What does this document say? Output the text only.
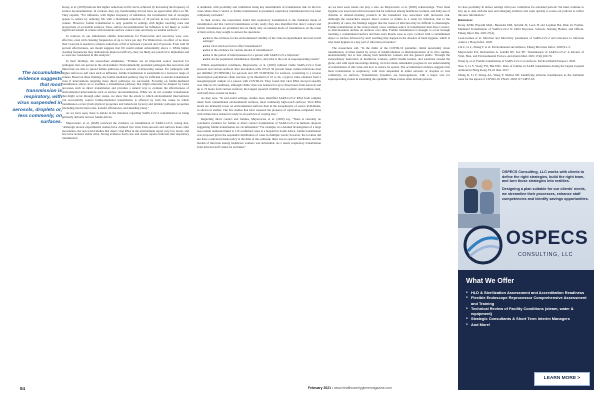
The accumulated evidence suggests that most transmission is respiratory, with virus suspended in aerosols, droplets or, less commonly, on surfaces.

Kraay, et al. (2018) indicate that higher reductions in fill can be achieved by increasing the frequency of surface decontamination. In contrast, they say, handwashing did not have an appreciable effect on fill. They explain, "For influenza, with higher frequency of inhalation, the incremental risk of strategies appear to reduce by reducing fill, with a maximum reduction of 19 percent in low surface-contact venues. However, fomite transmission is only possible in settings with higher touching rates and proportions of accessible surfaces. Thus, surface decontamination for influenza is not likely to confer significant benefit in venues with moderate surface contact rates and many accessible surfaces."

In contrast, in our simulations similar interventions for Enterovirus and norovirus were cost-effective, even with cleaning frequencies of up to twice per day. For Rhinovirus, an effect of no more than 5 percent is needed to achieve reductions of fill of between 2 percent and 25 percent. Even with 50 percent effectiveness, our model suggests that fill would remain substantially above 1. While higher cleaning frequencies may demonstrate improved efficacy, they are likely not practical to implement and so were not considered in this analysis."

In their findings, the researchers emphasize, "Fomites are an important source reservoir for pathogens that can persist in the environment. Environmentally persistent pathogens like norovirus and rhinovirus are able to spread fomite pathways in a network of interacting venues. For pathogens with higher surface-to-self rates such as influenza, fomite transmission is sustainable in a narrower range of venues. Based on these findings, the fomite-mediated pathway may be sufficient to sustain transmission even if interventions targeting more direct pathways are successful. Focusing on fomite-mediated transmission allows us to examine a transmission pathway that might otherwise be masked by faster processes such as direct transmission and provides a natural way to evaluate the effectiveness of environmental interventions such as surface decontamination. While we do not consider transmission that might occur through other routes, we show that the extent to which environmental interventions can successfully control fomite-mediated transmission is affected by both the venue in which transmission occurs (both physical properties and behavioral factors) and intrinsic pathogen properties (including inactivation rates, transfer efficiencies, and shedding rates)."

As we have seen, there is debate in the literature regarding SARS-CoV-2 contamination as being primarily airborne and not fomite-driven.

Meyerowitz, et al. (2020) reviewed the evidence on transmission of SARS-CoV-2, noting that, "Although several experimental studies have cultured live virus from aerosols and surfaces hours after inoculation, the real-world studies that detect viral RNA in the environment report very low levels, and few have isolated viable virus. Strong evidence from case and cluster reports indicates that respiratory transmission

is dominant, with proximity and ventilation being key determinants of transmission risk. In the few cases where direct contact or fomite transmission is presumed, respiratory transmission has not been completely excluded."

In their review, the researchers found that respiratory transmission is the dominant mode of transmission and that vertical transmission occurs rarely; they also identified that direct contact and fomite transmission are presumed but are likely only an unusual mode of transmission. At the onset of their review, they sought to answer the questions:

■ what is the evidence for the environmental viability of the virus in experimental and real-world settings?
■ what viral and host factors affect transmission?
■ what is the evidence for various modes of transmission?
■ what is the period of infectiousness for a person with SARS-CoV-2 infection?
■ what are the population transmission dynamics, and what is the role of superspreading events?

Within experimental conditions, Meyerowitz, et al. (2020) cultured viable SARS-CoV-2 from aerosols and various surfaces after inoculation with 105.25 50 percent tissue culture infectious dose per milliliter (TCID50/mL) for aerosols and 105 TCID50/mL for surfaces, correlating to a reverse transcription polymerase chain reaction cycle threshold of 22 to 24, a typical value obtained from a nasopharyngeal sample of a person with COVID-19. They found that viral RNA decayed steadily over time in all conditions, although viable virus was isolated for up to three hours from aerosols and up to 72 hours from various surfaces; the longest reported viability was on plastic and stainless steel, with half-lives around six hours.

As they note, "In real-world settings, studies have identified SARS-CoV-2 RNA from samples taken from contaminated environmental surfaces, most commonly high-touch surfaces. Viral RNA levels are markedly lower on environmental surfaces than in the nasopharynx of source individuals, as shown in studies. The few studies that have assessed the presence of replication-competent virus with culture have isolated it rarely in air particles of varying size."

Regarding direct contact and fomites, Meyerowitz, et al. (2020) say, "There is currently no conclusive evidence for fomite or direct contact transmission of SARS-CoV-2 in humans. Reports suggesting fomite transmission are circumstantial." For example, in a detailed investigation of a large nosocomial outbreak linked to 119 confirmed cases at a hospital in South Africa, fomite transmission was proposed given the sequential distribution of cases in multiple wards; however, the location did not have a universal mask policy at the time of the outbreak, there was no special ventilation, and the burden of infection among healthcare workers was substantial. As a result, respiratory transmission from infected staff cannot be excluded."

As we have seen, hands can play a role. As Meyerowitz, et al. (2020) acknowledge, "Poor hand hygiene was associated with increased risk for infection among healthcare workers, and daily use of chlorine or ethanol-cleaning products in the household was associated with decreased risk. Although the researchers suspect direct contact or fomite as a route for infection, due to the proximity of cases, the findings suggest that the routes of infection may be difficult to disentangle. Fomite transmission of the virus is likely a less common source of transmission than direct contact, as infectiousness decline on surfaces over time. Fomite transmission is thought to occur through touching a contaminated surface and then one's mouth, nose or eyes. Contact with a contaminated object or surface followed by such touching may happen in the absence of hand hygiene, which is why hand hygiene is a key part of infection prevention."

The researchers add, "In the midst of the COVID-19 pandemic, initial uncertainty about transmission, at times fueled by waves of misinformation or misinterpretation of in vitro studies, understandably led to fear among both healthcare workers and the general public. Through the extraordinary dedication of healthcare workers, public health leaders, and scientists around the globe, and with rapid knowledge sharing, we have made remarkable progress in our understanding of transmission of this virus and how to reduce its spread. The accumulated evidence suggests that most transmission is respiratory, with virus suspended in either aerosols or droplets or, less commonly, on surfaces. Transmission dynamics are heterogeneous, with a major role for superspreading events in sustaining the epidemic. These events often include persons

in close proximity in indoor settings with poor ventilation for extended periods. We must continue to stay up to date with the new and emerging evidence and work quickly to revise our policies to reflect this new information."

References:

Kraay ANM, Hayashi MAL, Berendes DM, Sobolik JS, Leon JS and Lopman BA. Risk for Fomite-Mediated Transmission of SARS-CoV-2 in Child Daycares, Schools, Nursing Homes, and Offices. Emerg Infect Dis. 2021;27(4).

Leon-Gomez et al. Infection and Infectivity parameters of SARS-CoV-2 and relevance to infection control. J Hosp Infect. 2020.

Lin C, Li L, Zhang T, et al. Environmental surveillance. Emerg Microbes Infect. 2020;9:1-5.

Meyerowitz EA, Richterman A, Gandhi RT, Sax PE. Transmission of SARS-CoV-2: A Review of Viral, Host, and Environmental Factors. Ann Intern Med. 2021;174(1):69-79.

Wang Q, et al. Fomite transmission of SARS-CoV-2 on surfaces. Environ Health Perspect. 2020.

Xiao S, Li Y, Wong TW, Hui DSC. Role of fomites in SARS transmission during the largest hospital outbreak in Hong Kong. PLoS One. 2017.

Zhang R, Li Y, Zhang AL, Wang Y, Molina MJ. Identifying airborne transmission as the dominant route for the spread of COVID-19. PNAS. 2020;117:14857-63.

OSPECS Consulting, LLC works with clients to define the right strategies, build the right team, and turn those strategies into realities.
Designing a plan suitable for our clients' needs, we streamline their processes, enhance staff competencies and identify savings opportunities.
OSPECS
CONSULTING, LLC
What We Offer
■ HLD & Sterilization Assessment and Accreditation Readiness
■ Flexible Endoscope Reprocessor Comprehensive Assessment and Training
■ Technical Review of Facility Conditions (steam, water & equipment)
■ Strategic Consultants & Short Term Interim Managers
■ And More!
LEARN MORE >
84	February 2021 • www.healthcarehygienemagazine.com
